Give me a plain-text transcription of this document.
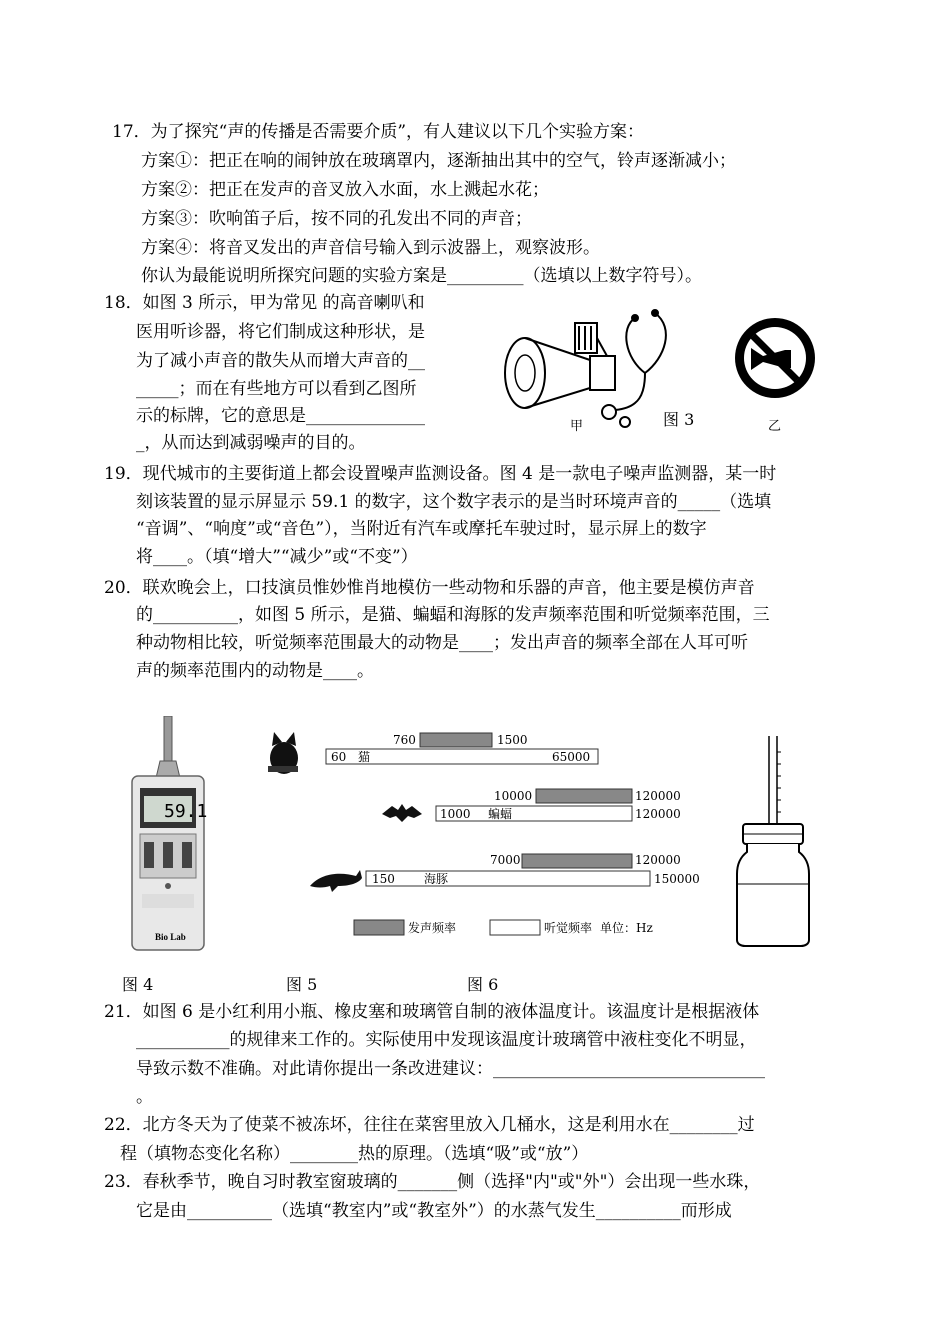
17．为了探究“声的传播是否需要介质”，有人建议以下几个实验方案：
方案①：把正在响的闹钟放在玻璃罩内，逐渐抽出其中的空气，铃声逐渐减小；
方案②：把正在发声的音叉放入水面，水上溅起水花；
方案③：吹响笛子后，按不同的孔发出不同的声音；
方案④：将音叉发出的声音信号输入到示波器上，观察波形。
你认为最能说明所探究问题的实验方案是_________（选填以上数字符号）。
18．如图 3 所示，甲为常见 的高音喇叭和
医用听诊器，将它们制成这种形状，是
为了减小声音的散失从而增大声音的__
_____；而在有些地方可以看到乙图所
示的标牌，它的意思是______________
_，从而达到减弱噪声的目的。
甲	图 3	乙
19．现代城市的主要街道上都会设置噪声监测设备。图 4 是一款电子噪声监测器，某一时
刻该装置的显示屏显示 59.1 的数字，这个数字表示的是当时环境声音的_____（选填
“音调”、“响度”或“音色”），当附近有汽车或摩托车驶过时，显示屏上的数字
将____。（填“增大”“减少”或“不变”）
20．联欢晚会上，口技演员惟妙惟肖地模仿一些动物和乐器的声音，他主要是模仿声音
的__________，如图 5 所示，是猫、蝙蝠和海豚的发声频率范围和听觉频率范围，三
种动物相比较，听觉频率范围最大的动物是____；发出声音的频率全部在人耳可听
声的频率范围内的动物是____。
59.1
Bio Lab
760	1500
60 猫	65000
10000	120000
1000 蝙蝠	120000
7000	120000
150 海豚	150000
发声频率	听觉频率 单位：Hz
图 4	图 5	图 6
21．如图 6 是小红利用小瓶、橡皮塞和玻璃管自制的液体温度计。该温度计是根据液体
___________的规律来工作的。实际使用中发现该温度计玻璃管中液柱变化不明显，
导致示数不准确。对此请你提出一条改进建议：________________________________
。
22．北方冬天为了使菜不被冻坏，往往在菜窖里放入几桶水，这是利用水在________过
程（填物态变化名称）________热的原理。（选填“吸”或“放”）
23．春秋季节，晚自习时教室窗玻璃的_______侧（选择"内"或"外"）会出现一些水珠，
它是由__________（选填“教室内”或“教室外”）的水蒸气发生__________而形成
